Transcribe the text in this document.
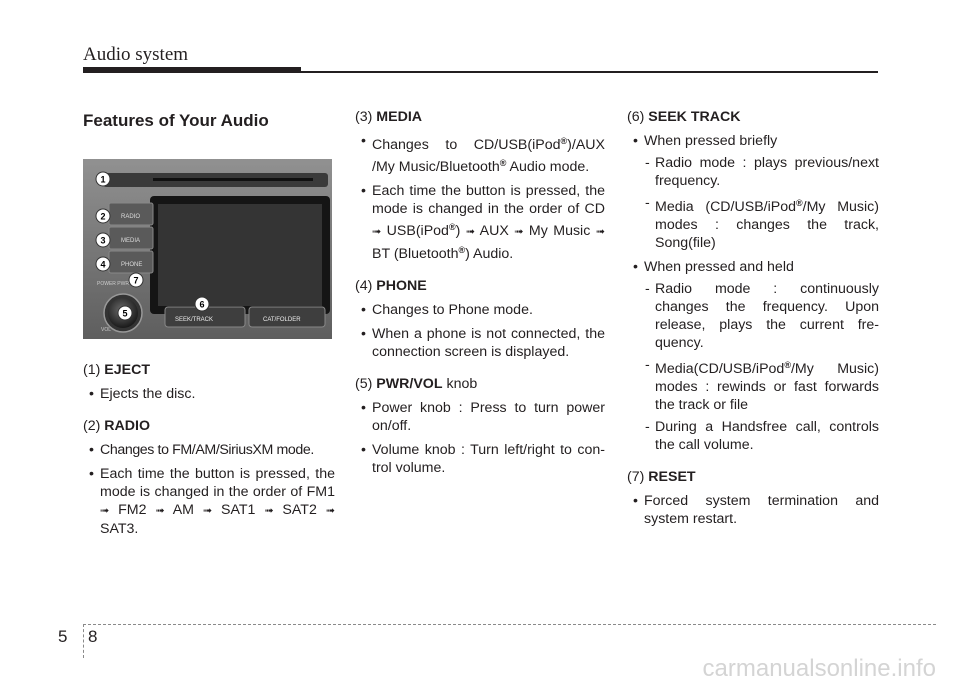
Audio system
Features of Your Audio
RADIO
MEDIA
PHONE
POWER PWR
VOL
SEEK/TRACK	CAT/FOLDER
1
2
3
4
7
6
5
(1) EJECT
• Ejects the disc.
(2) RADIO
• Changes to FM/AM/SiriusXM mode.
• Each time the button is pressed, the mode is changed in the order of FM1 ➟ FM2 ➟ AM ➟ SAT1 ➟ SAT2 ➟ SAT3.
(3) MEDIA
• Changes to CD/USB(iPod®)/AUX /My Music/Bluetooth® Audio mode.
• Each time the button is pressed, the mode is changed in the order of CD ➟ USB(iPod®) ➟ AUX ➟ My Music ➟ BT (Bluetooth®) Audio.
(4) PHONE
• Changes to Phone mode.
• When a phone is not connected, the connection screen is displayed.
(5) PWR/VOL knob
• Power knob : Press to turn power on/off.
• Volume knob : Turn left/right to con- trol volume.
(6) SEEK TRACK
• When pressed briefly
- Radio mode : plays previous/next frequency.
- Media (CD/USB/iPod®/My Music) modes : changes the track, Song(file)
• When pressed and held
- Radio mode : continuously changes the frequency. Upon release, plays the current fre- quency.
- Media(CD/USB/iPod®/My Music) modes : rewinds or fast forwards the track or file
- During a Handsfree call, controls the call volume.
(7) RESET
• Forced system termination and system restart.
5 8
carmanualsonline.info
